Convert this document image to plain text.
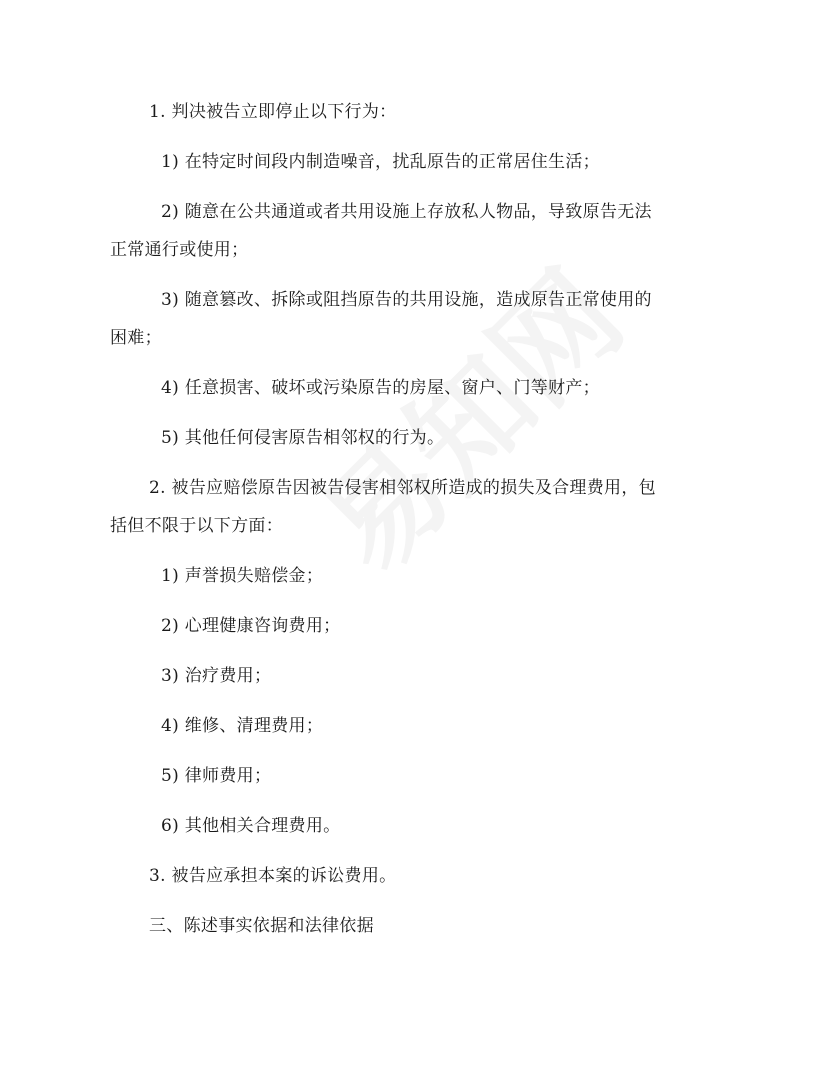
1. 判决被告立即停止以下行为：
1) 在特定时间段内制造噪音，扰乱原告的正常居住生活；
2) 随意在公共通道或者共用设施上存放私人物品，导致原告无法
正常通行或使用；
3) 随意篡改、拆除或阻挡原告的共用设施，造成原告正常使用的
困难；
4) 任意损害、破坏或污染原告的房屋、窗户、门等财产；
5) 其他任何侵害原告相邻权的行为。
2. 被告应赔偿原告因被告侵害相邻权所造成的损失及合理费用，包
括但不限于以下方面：
1) 声誉损失赔偿金；
2) 心理健康咨询费用；
3) 治疗费用；
4) 维修、清理费用；
5) 律师费用；
6) 其他相关合理费用。
3. 被告应承担本案的诉讼费用。
三、陈述事实依据和法律依据
